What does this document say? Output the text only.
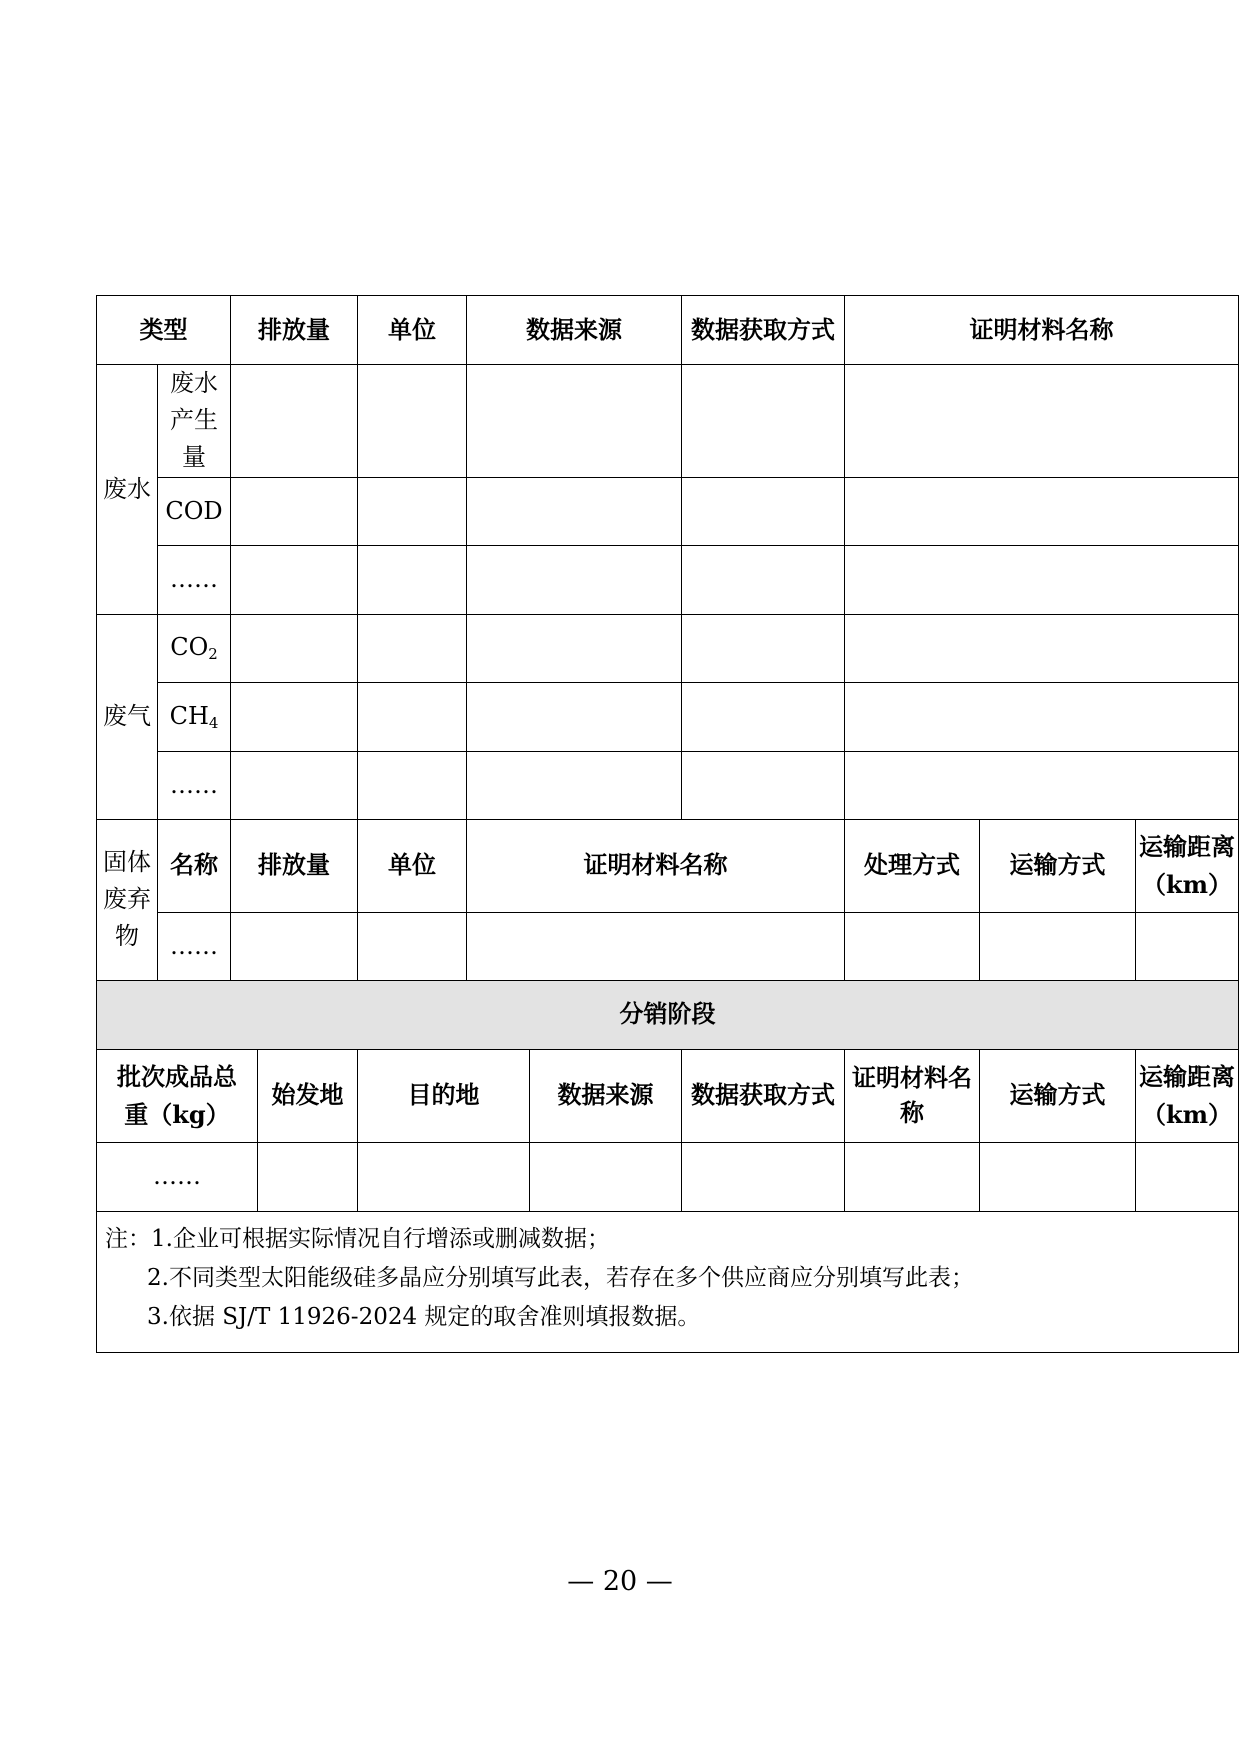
类型		排放量		单位	数据来源		数据获取方式	证明材料名称		
废水	废水产生量									
	COD									
	……									
废气	$CO_2$					
	$CH_4$					
	……									
固体废弃物	名称	排放量		单位	证明材料名称			处理方式	运输方式	运输距离（km）
	……									
分销阶段										
批次成品总重（kg）			始发地	目的地		数据来源	数据获取方式	证明材料名称	运输方式	运输距离（km）
……										

注：1.企业可根据实际情况自行增添或删减数据；
2.不同类型太阳能级硅多晶应分别填写此表，若存在多个供应商应分别填写此表；
3.依据 SJ/T 11926-2024 规定的取舍准则填报数据。										
— 20 —
